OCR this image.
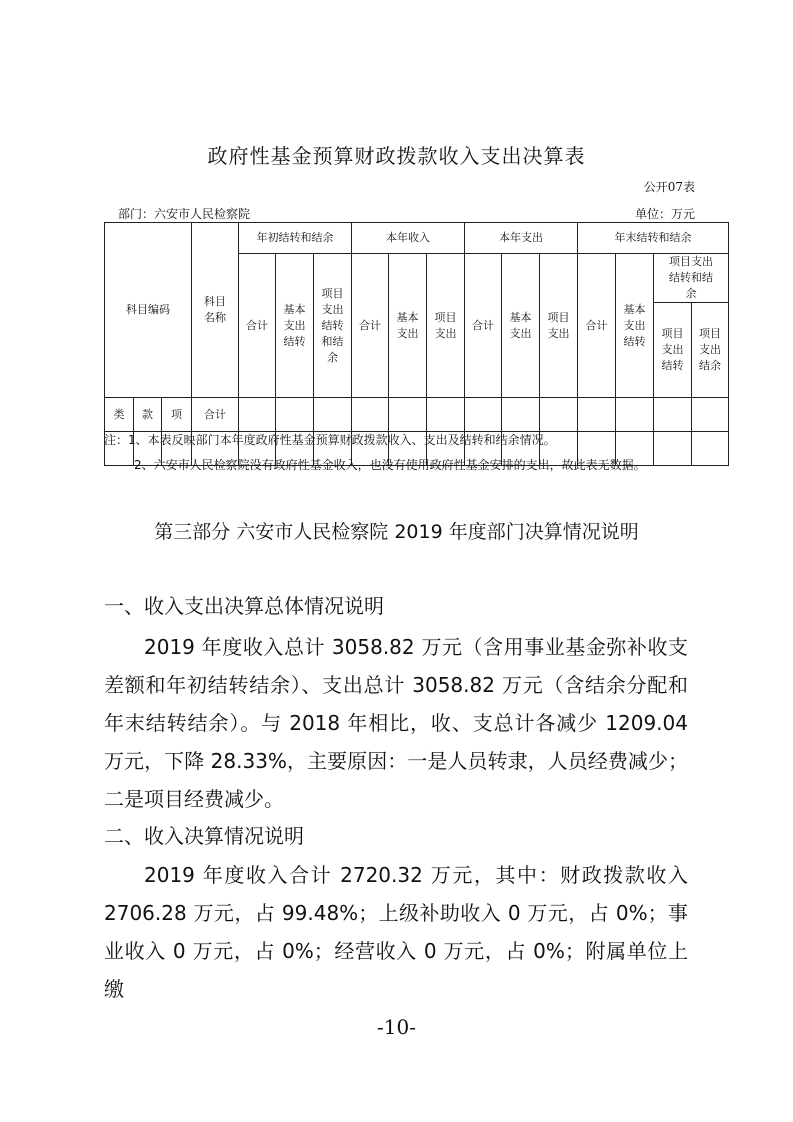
政府性基金预算财政拨款收入支出决算表
公开07表
部门：六安市人民检察院	单位：万元
科目编码			科目名称	年初结转和结余			本年收入			本年支出			年末结转和结余			
				合计	基本支出结转	项目支出结转和结余	合计	基本支出	项目支出	合计	基本支出	项目支出	合计	基本支出结转	项目支出结转和结余	
															项目支出结转	项目支出结余

类	款	项	合计													

注：1、本表反映部门本年度政府性基金预算财政拨款收入、支出及结转和结余情况。
2、六安市人民检察院没有政府性基金收入，也没有使用政府性基金安排的支出，故此表无数据。
第三部分 六安市人民检察院 2019 年度部门决算情况说明
一、收入支出决算总体情况说明

2019 年度收入总计 3058.82 万元（含用事业基金弥补收支差额和年初结转结余）、支出总计 3058.82 万元（含结余分配和年末结转结余）。与 2018 年相比，收、支总计各减少 1209.04 万元，下降 28.33%，主要原因：一是人员转隶，人员经费减少；二是项目经费减少。

二、收入决算情况说明

2019 年度收入合计 2720.32 万元，其中：财政拨款收入 2706.28 万元，占 99.48%；上级补助收入 0 万元，占 0%；事业收入 0 万元，占 0%；经营收入 0 万元，占 0%；附属单位上缴

-10-
